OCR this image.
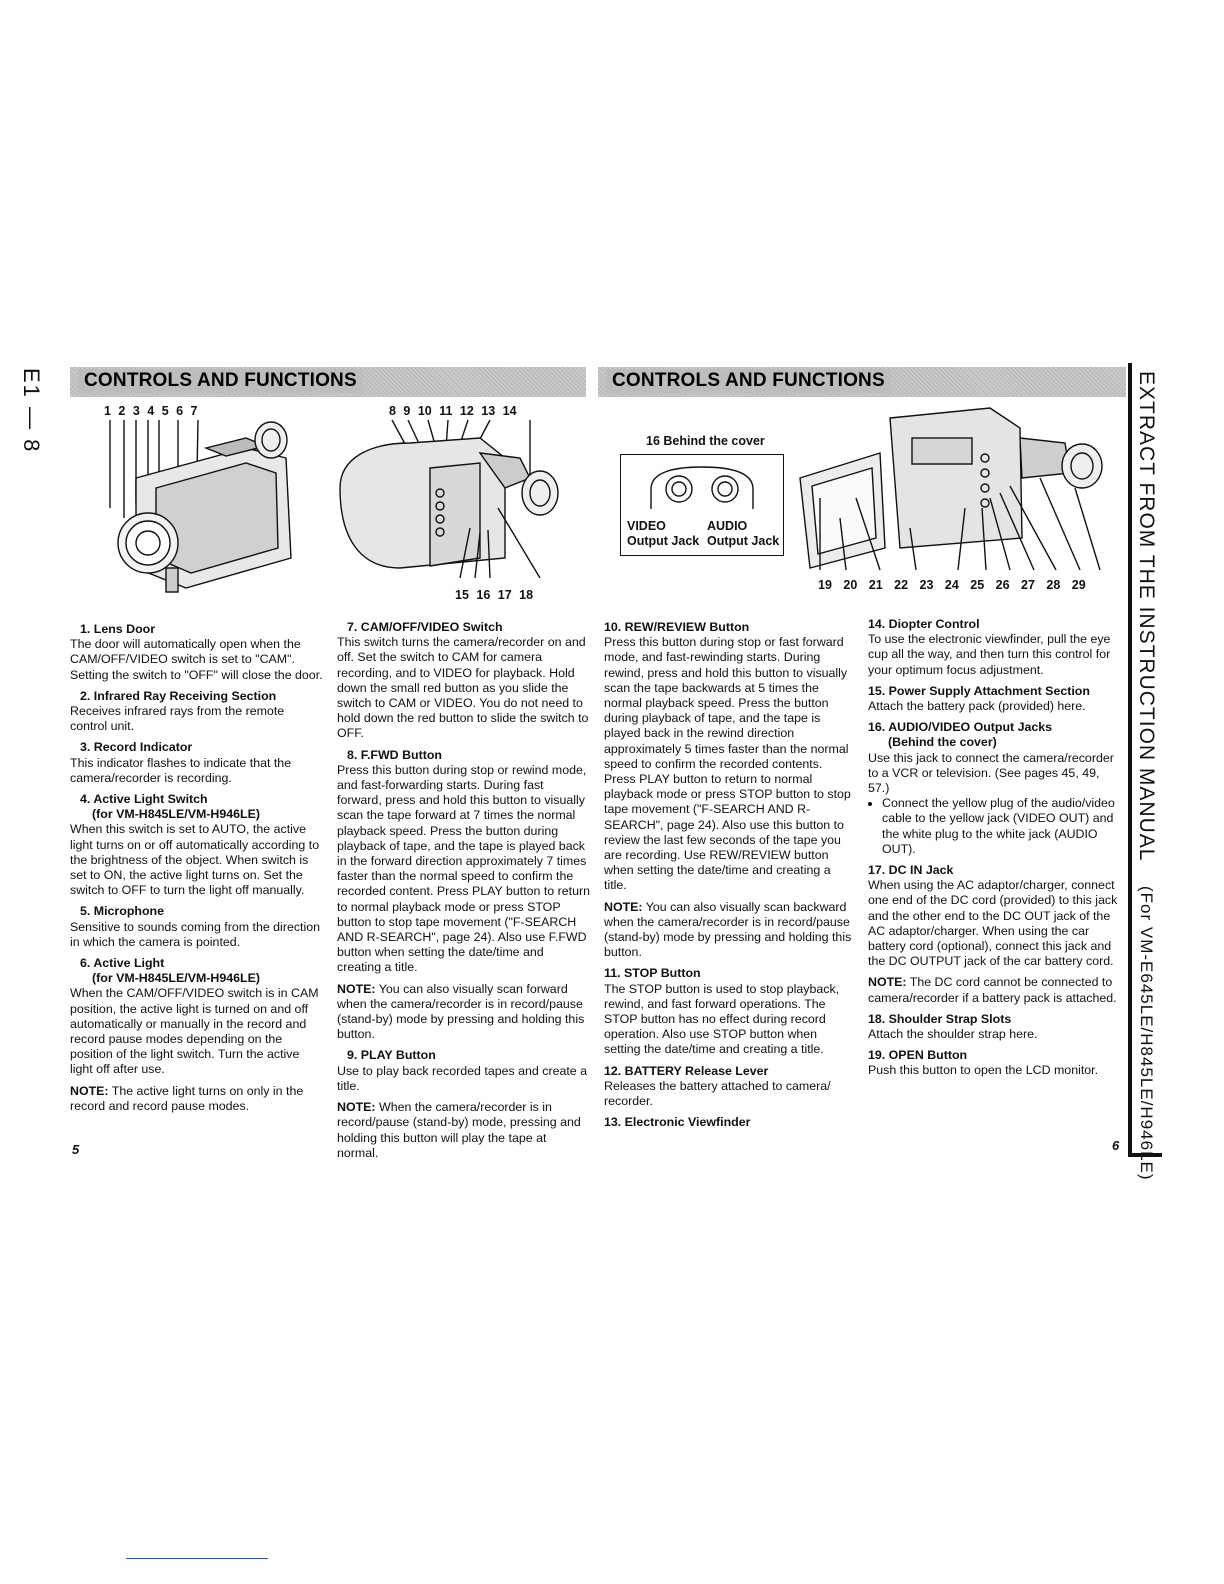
E1 — 8	CONTROLS AND FUNCTIONS	CONTROLS AND FUNCTIONS
1 2 3 4 5 6 7	8 9 10 11 12 13 14
15 16 17 18
16 Behind the cover
VIDEO
Output Jack
AUDIO
Output Jack
19 20 21 22 23 24 25 26 27 28 29
1. Lens Door

The door will automatically open when the CAM/OFF/VIDEO switch is set to "CAM". Setting the switch to "OFF" will close the door.

2. Infrared Ray Receiving Section

Receives infrared rays from the remote control unit.

3. Record Indicator

This indicator flashes to indicate that the camera/recorder is recording.

4. Active Light Switch
(for VM-H845LE/VM-H946LE)

When this switch is set to AUTO, the active light turns on or off automatically according to the brightness of the object. When switch is set to ON, the active light turns on. Set the switch to OFF to turn the light off manually.

5. Microphone

Sensitive to sounds coming from the direction in which the camera is pointed.

6. Active Light
(for VM-H845LE/VM-H946LE)

When the CAM/OFF/VIDEO switch is in CAM position, the active light is turned on and off automatically or manually in the record and record pause modes depending on the position of the light switch. Turn the active light off after use.

NOTE: The active light turns on only in the record and record pause modes.

5
7. CAM/OFF/VIDEO Switch

This switch turns the camera/recorder on and off. Set the switch to CAM for camera recording, and to VIDEO for playback. Hold down the small red button as you slide the switch to CAM or VIDEO. You do not need to hold down the red button to slide the switch to OFF.

8. F.FWD Button

Press this button during stop or rewind mode, and fast-forwarding starts. During fast forward, press and hold this button to visually scan the tape forward at 7 times the normal playback speed. Press the button during playback of tape, and the tape is played back in the forward direction approximately 7 times faster than the normal speed to confirm the recorded content. Press PLAY button to return to normal playback mode or press STOP button to stop tape movement ("F-SEARCH AND R-SEARCH", page 24). Also use F.FWD button when setting the date/time and creating a title.

NOTE: You can also visually scan forward when the camera/recorder is in record/pause (stand-by) mode by pressing and holding this button.

9. PLAY Button

Use to play back recorded tapes and create a title.

NOTE: When the camera/recorder is in record/pause (stand-by) mode, pressing and holding this button will play the tape at normal.

10. REW/REVIEW Button

Press this button during stop or fast forward mode, and fast-rewinding starts. During rewind, press and hold this button to visually scan the tape backwards at 5 times the normal playback speed. Press the button during playback of tape, and the tape is played back in the rewind direction approximately 5 times faster than the normal speed to confirm the recorded contents. Press PLAY button to return to normal playback mode or press STOP button to stop tape movement ("F-SEARCH AND R-SEARCH", page 24). Also use this button to review the last few seconds of the tape you are recording. Use REW/REVIEW button when setting the date/time and creating a title.

NOTE: You can also visually scan backward when the camera/recorder is in record/pause (stand-by) mode by pressing and holding this button.

11. STOP Button

The STOP button is used to stop playback, rewind, and fast forward operations. The STOP button has no effect during record operation. Also use STOP button when setting the date/time and creating a title.

12. BATTERY Release Lever

Releases the battery attached to camera/ recorder.

13. Electronic Viewfinder
14. Diopter Control

To use the electronic viewfinder, pull the eye cup all the way, and then turn this control for your optimum focus adjustment.

15. Power Supply Attachment Section

Attach the battery pack (provided) here.

16. AUDIO/VIDEO Output Jacks
(Behind the cover)

Use this jack to connect the camera/recorder to a VCR or television. (See pages 45, 49, 57.)

• Connect the yellow plug of the audio/video cable to the yellow jack (VIDEO OUT) and the white plug to the white jack (AUDIO OUT).
17. DC IN Jack

When using the AC adaptor/charger, connect one end of the DC cord (provided) to this jack and the other end to the DC OUT jack of the AC adaptor/charger. When using the car battery cord (optional), connect this jack and the DC OUTPUT jack of the car battery cord.

NOTE: The DC cord cannot be connected to camera/recorder if a battery pack is attached.

18. Shoulder Strap Slots

Attach the shoulder strap here.

19. OPEN Button

Push this button to open the LCD monitor.

6
EXTRACT FROM THE INSTRUCTION MANUAL (For VM-E645LE/H845LE/H946LE)
